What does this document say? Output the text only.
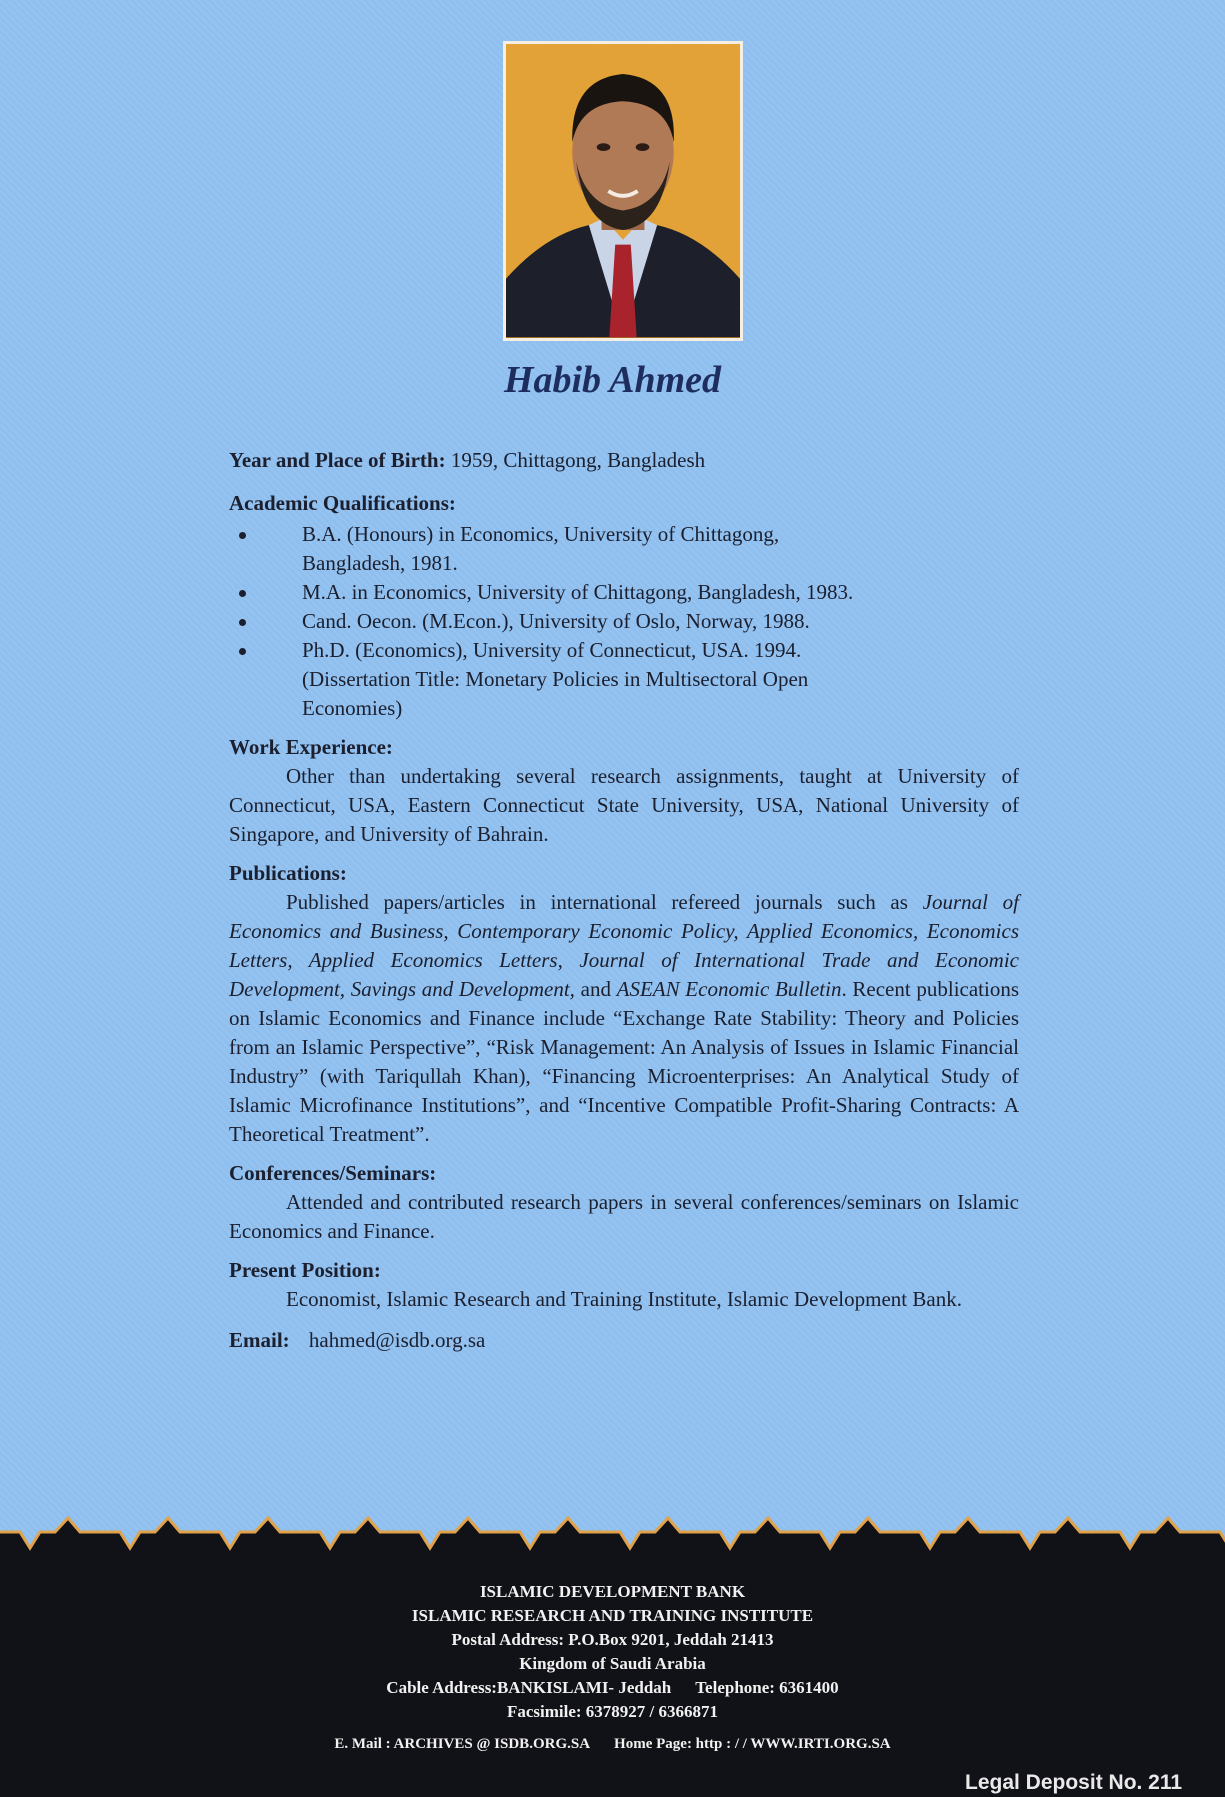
Habib Ahmed
Year and Place of Birth: 1959, Chittagong, Bangladesh
Academic Qualifications:
B.A. (Honours) in Economics, University of Chittagong,
Bangladesh, 1981.
M.A. in Economics, University of Chittagong, Bangladesh, 1983.
Cand. Oecon. (M.Econ.), University of Oslo, Norway, 1988.
Ph.D. (Economics), University of Connecticut, USA. 1994.
(Dissertation Title: Monetary Policies in Multisectoral Open
Economies)
Work Experience:
Other than undertaking several research assignments, taught at University of Connecticut, USA, Eastern Connecticut State University, USA, National University of Singapore, and University of Bahrain.
Publications:
Published papers/articles in international refereed journals such as Journal of Economics and Business, Contemporary Economic Policy, Applied Economics, Economics Letters, Applied Economics Letters, Journal of International Trade and Economic Development, Savings and Development, and ASEAN Economic Bulletin. Recent publications on Islamic Economics and Finance include “Exchange Rate Stability: Theory and Policies from an Islamic Perspective”, “Risk Management: An Analysis of Issues in Islamic Financial Industry” (with Tariqullah Khan), “Financing Microenterprises: An Analytical Study of Islamic Microfinance Institutions”, and “Incentive Compatible Profit-Sharing Contracts: A Theoretical Treatment”.
Conferences/Seminars:
Attended and contributed research papers in several conferences/seminars on Islamic Economics and Finance.
Present Position:
Economist, Islamic Research and Training Institute, Islamic Development Bank.
Email: hahmed@isdb.org.sa
ISLAMIC DEVELOPMENT BANK
ISLAMIC RESEARCH AND TRAINING INSTITUTE
Postal Address: P.O.Box 9201, Jeddah 21413
Kingdom of Saudi Arabia
Cable Address:BANKISLAMI- Jeddah Telephone: 6361400
Facsimile: 6378927 / 6366871
E. Mail : ARCHIVES @ ISDB.ORG.SA Home Page: http : / / WWW.IRTI.ORG.SA
Legal Deposit No. 211
